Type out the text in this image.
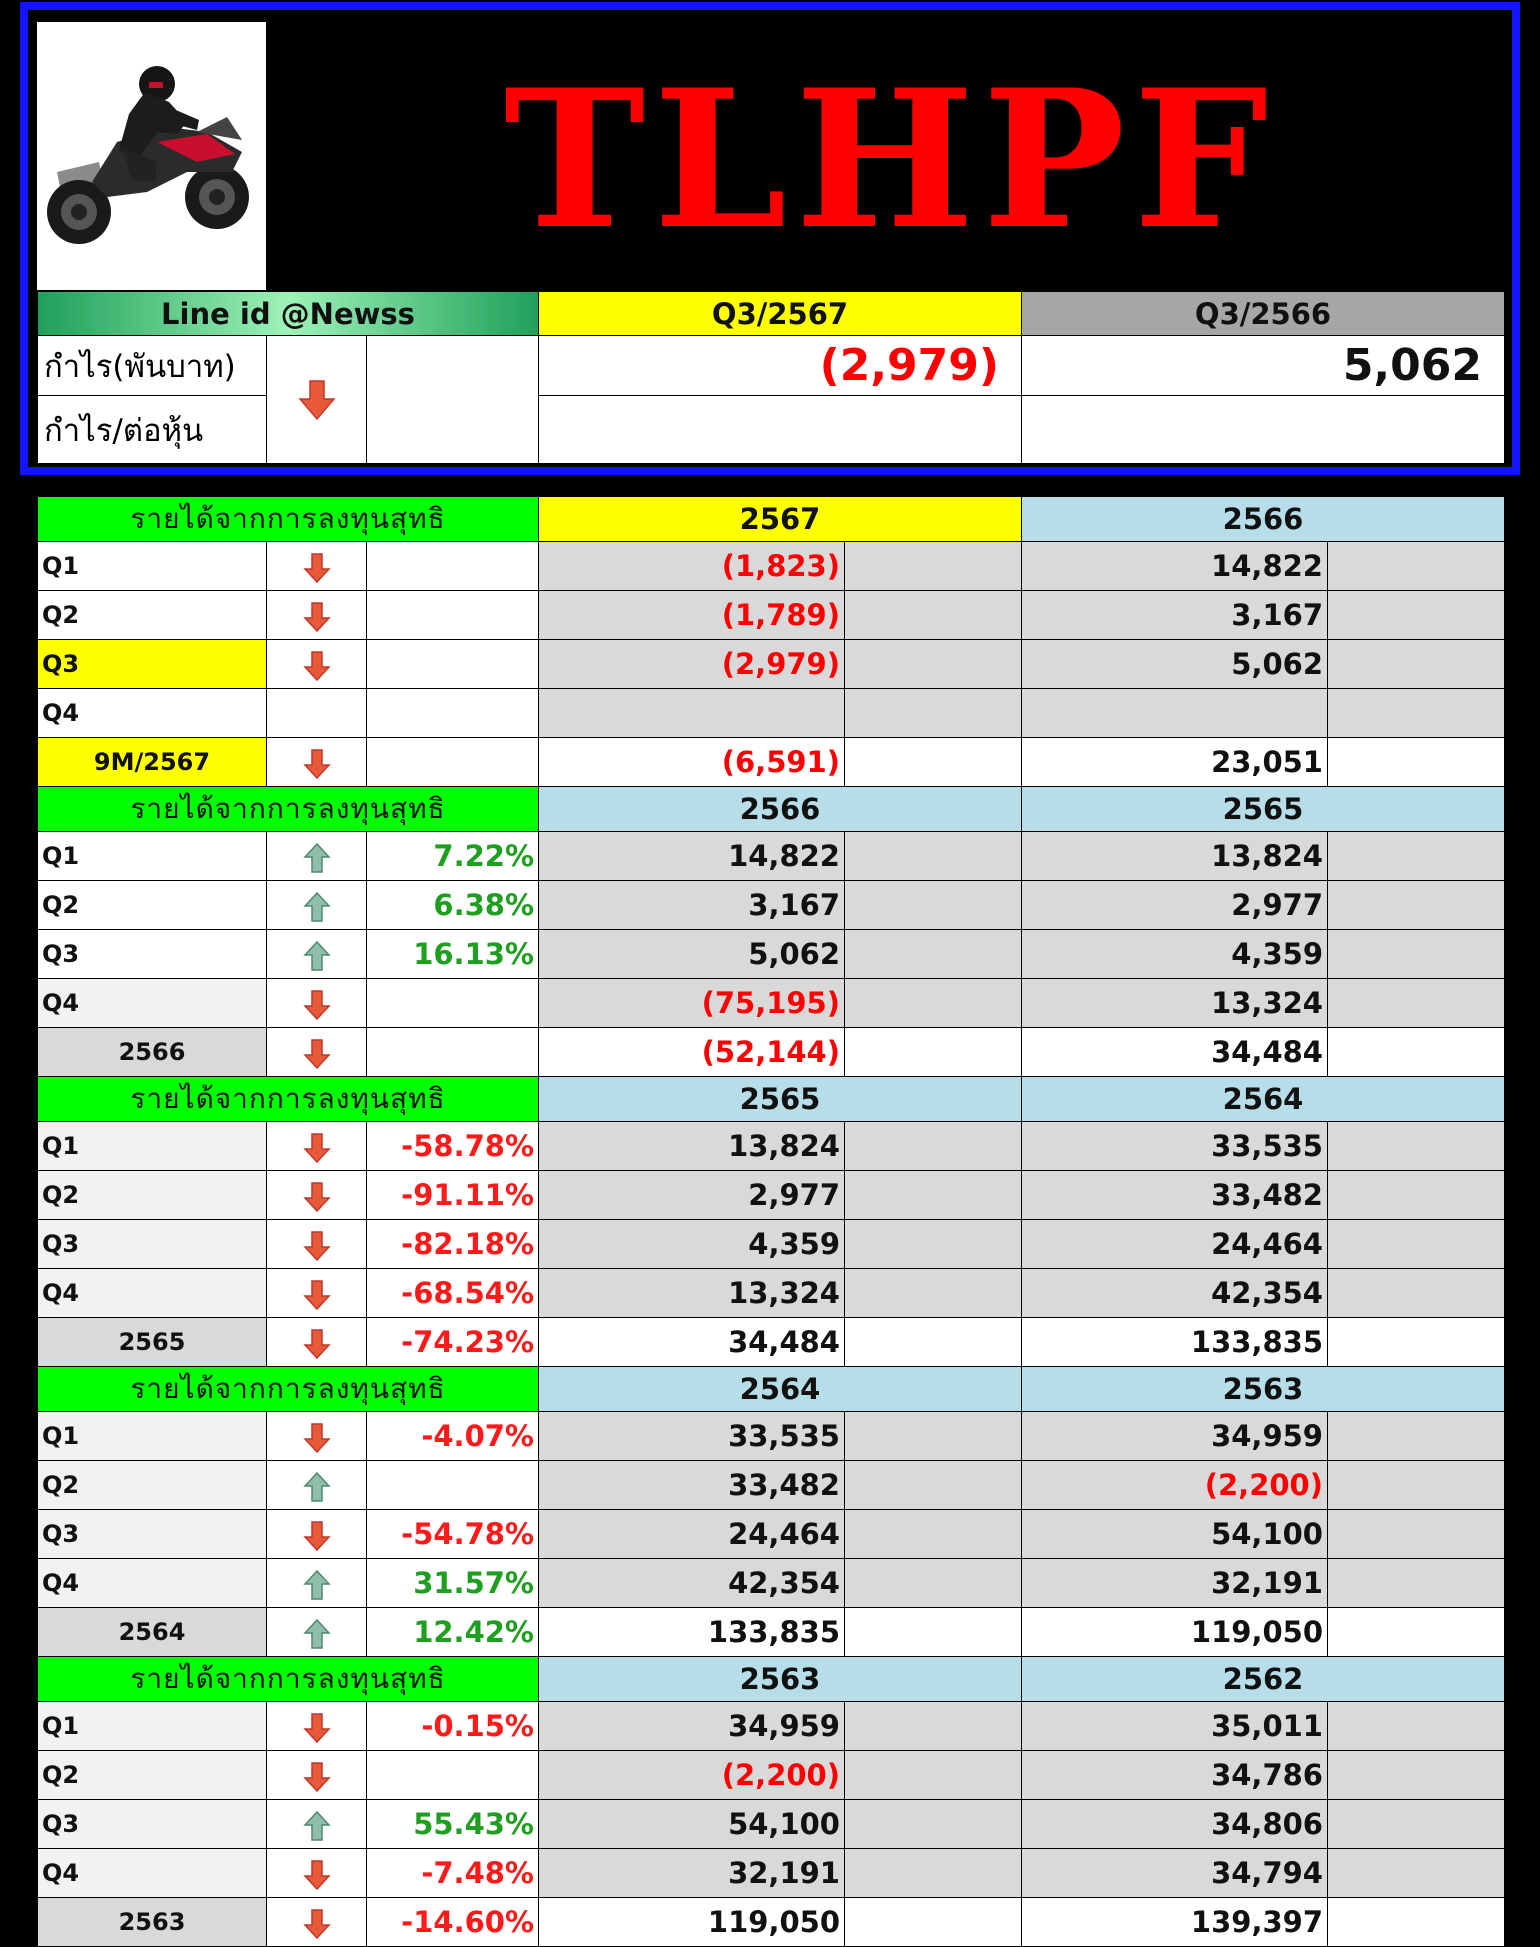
TLHPF
Line id @Newss			Q3/2567	Q3/2566
กำไร(พันบาท)			(2,979)	5,062
กำไร/ต่อหุ้น				
รายได้จากการลงทุนสุทธิ			2567		2566	
Q1			(1,823)		14,822	
Q2			(1,789)		3,167	
Q3			(2,979)		5,062	
Q4						
9M/2567			(6,591)		23,051	
รายได้จากการลงทุนสุทธิ			2566		2565	
Q1		7.22%	14,822		13,824	
Q2		6.38%	3,167		2,977	
Q3		16.13%	5,062		4,359	
Q4			(75,195)		13,324	
2566			(52,144)		34,484	
รายได้จากการลงทุนสุทธิ			2565		2564	
Q1		-58.78%	13,824		33,535	
Q2		-91.11%	2,977		33,482	
Q3		-82.18%	4,359		24,464	
Q4		-68.54%	13,324		42,354	
2565		-74.23%	34,484		133,835	
รายได้จากการลงทุนสุทธิ			2564		2563	
Q1		-4.07%	33,535		34,959	
Q2			33,482		(2,200)	
Q3		-54.78%	24,464		54,100	
Q4		31.57%	42,354		32,191	
2564		12.42%	133,835		119,050	
รายได้จากการลงทุนสุทธิ			2563		2562	
Q1		-0.15%	34,959		35,011	
Q2			(2,200)		34,786	
Q3		55.43%	54,100		34,806	
Q4		-7.48%	32,191		34,794	
2563		-14.60%	119,050		139,397	
